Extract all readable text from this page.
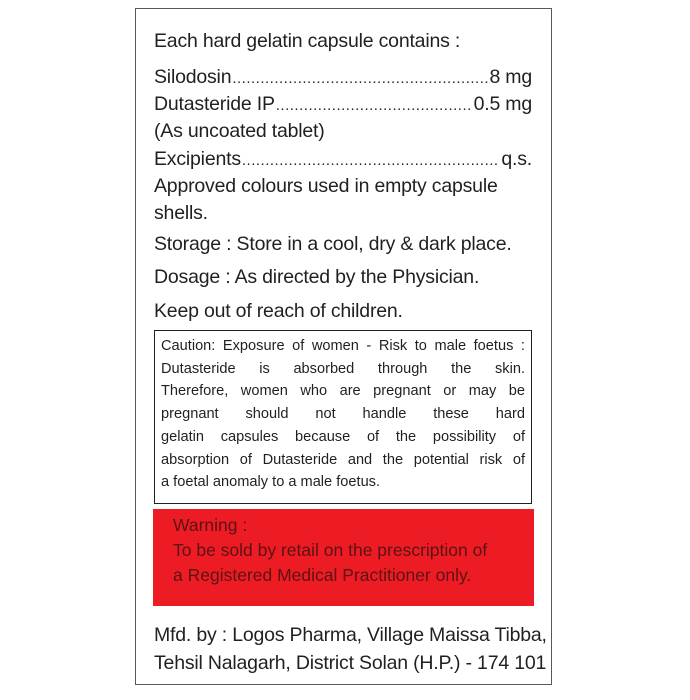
Each hard gelatin capsule contains :
Silodosin .....	8 mg
Dutasteride IP .....	0.5 mg
(As uncoated tablet)
Excipients .....	q.s.
Approved colours used in empty capsule
shells.
Storage : Store in a cool, dry & dark place.
Dosage : As directed by the Physician.
Keep out of reach of children.
Caution: Exposure of women - Risk to male foetus :
Dutasteride is absorbed through the skin.
Therefore, women who are pregnant or may be
pregnant should not handle these hard
gelatin capsules because of the possibility of
absorption of Dutasteride and the potential risk of
a foetal anomaly to a male foetus.
Warning :
To be sold by retail on the prescription of
a Registered Medical Practitioner only.
Mfd. by : Logos Pharma, Village Maissa Tibba,
Tehsil Nalagarh, District Solan (H.P.) - 174 101
